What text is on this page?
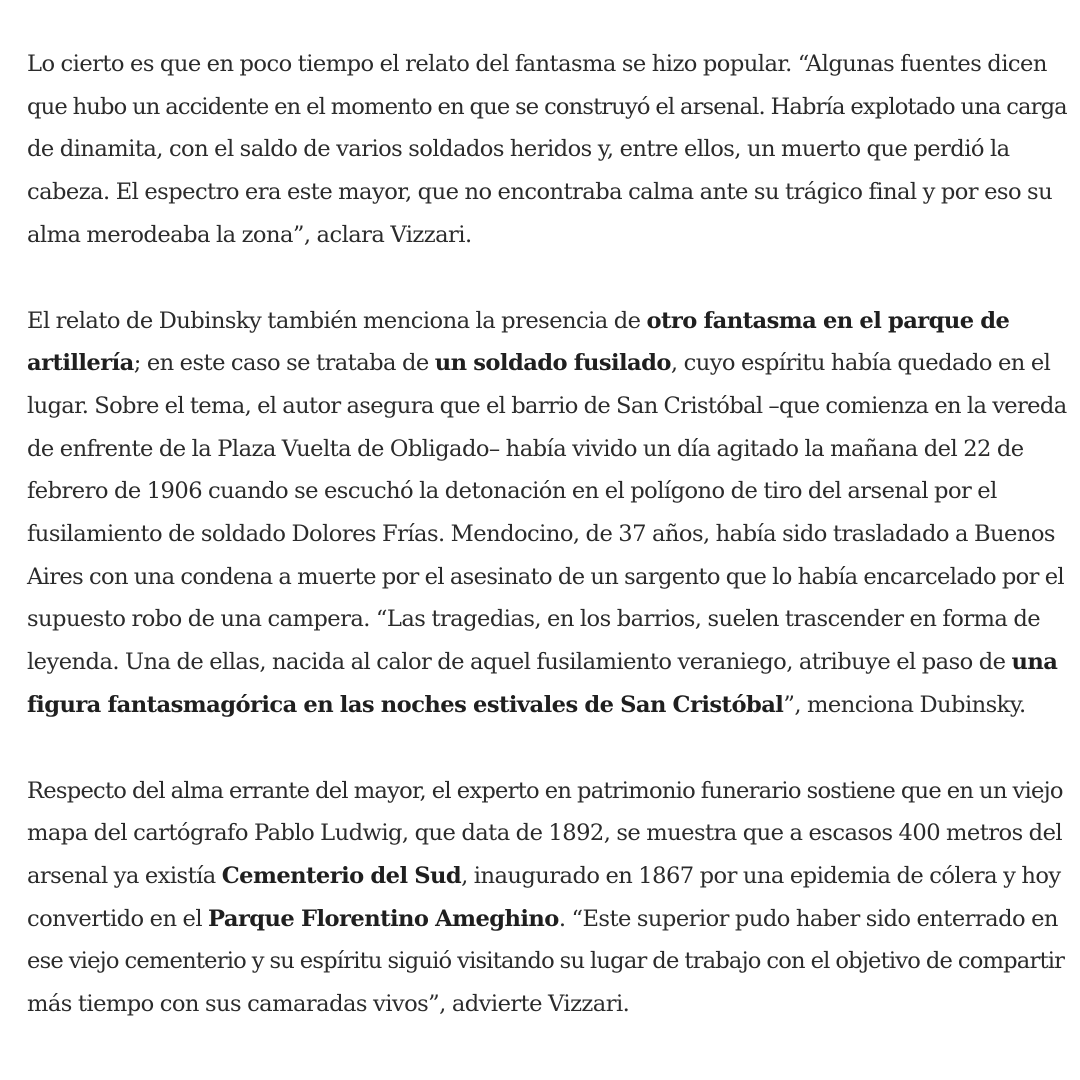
Lo cierto es que en poco tiempo el relato del fantasma se hizo popular. “Algunas fuentes dicen
que hubo un accidente en el momento en que se construyó el arsenal. Habría explotado una carga
de dinamita, con el saldo de varios soldados heridos y, entre ellos, un muerto que perdió la
cabeza. El espectro era este mayor, que no encontraba calma ante su trágico final y por eso su
alma merodeaba la zona”, aclara Vizzari.

El relato de Dubinsky también menciona la presencia de otro fantasma en el parque de
artillería; en este caso se trataba de un soldado fusilado, cuyo espíritu había quedado en el
lugar. Sobre el tema, el autor asegura que el barrio de San Cristóbal –que comienza en la vereda
de enfrente de la Plaza Vuelta de Obligado– había vivido un día agitado la mañana del 22 de
febrero de 1906 cuando se escuchó la detonación en el polígono de tiro del arsenal por el
fusilamiento de soldado Dolores Frías. Mendocino, de 37 años, había sido trasladado a Buenos
Aires con una condena a muerte por el asesinato de un sargento que lo había encarcelado por el
supuesto robo de una campera. “Las tragedias, en los barrios, suelen trascender en forma de
leyenda. Una de ellas, nacida al calor de aquel fusilamiento veraniego, atribuye el paso de una
figura fantasmagórica en las noches estivales de San Cristóbal”, menciona Dubinsky.

Respecto del alma errante del mayor, el experto en patrimonio funerario sostiene que en un viejo
mapa del cartógrafo Pablo Ludwig, que data de 1892, se muestra que a escasos 400 metros del
arsenal ya existía Cementerio del Sud, inaugurado en 1867 por una epidemia de cólera y hoy
convertido en el Parque Florentino Ameghino. “Este superior pudo haber sido enterrado en
ese viejo cementerio y su espíritu siguió visitando su lugar de trabajo con el objetivo de compartir
más tiempo con sus camaradas vivos”, advierte Vizzari.
